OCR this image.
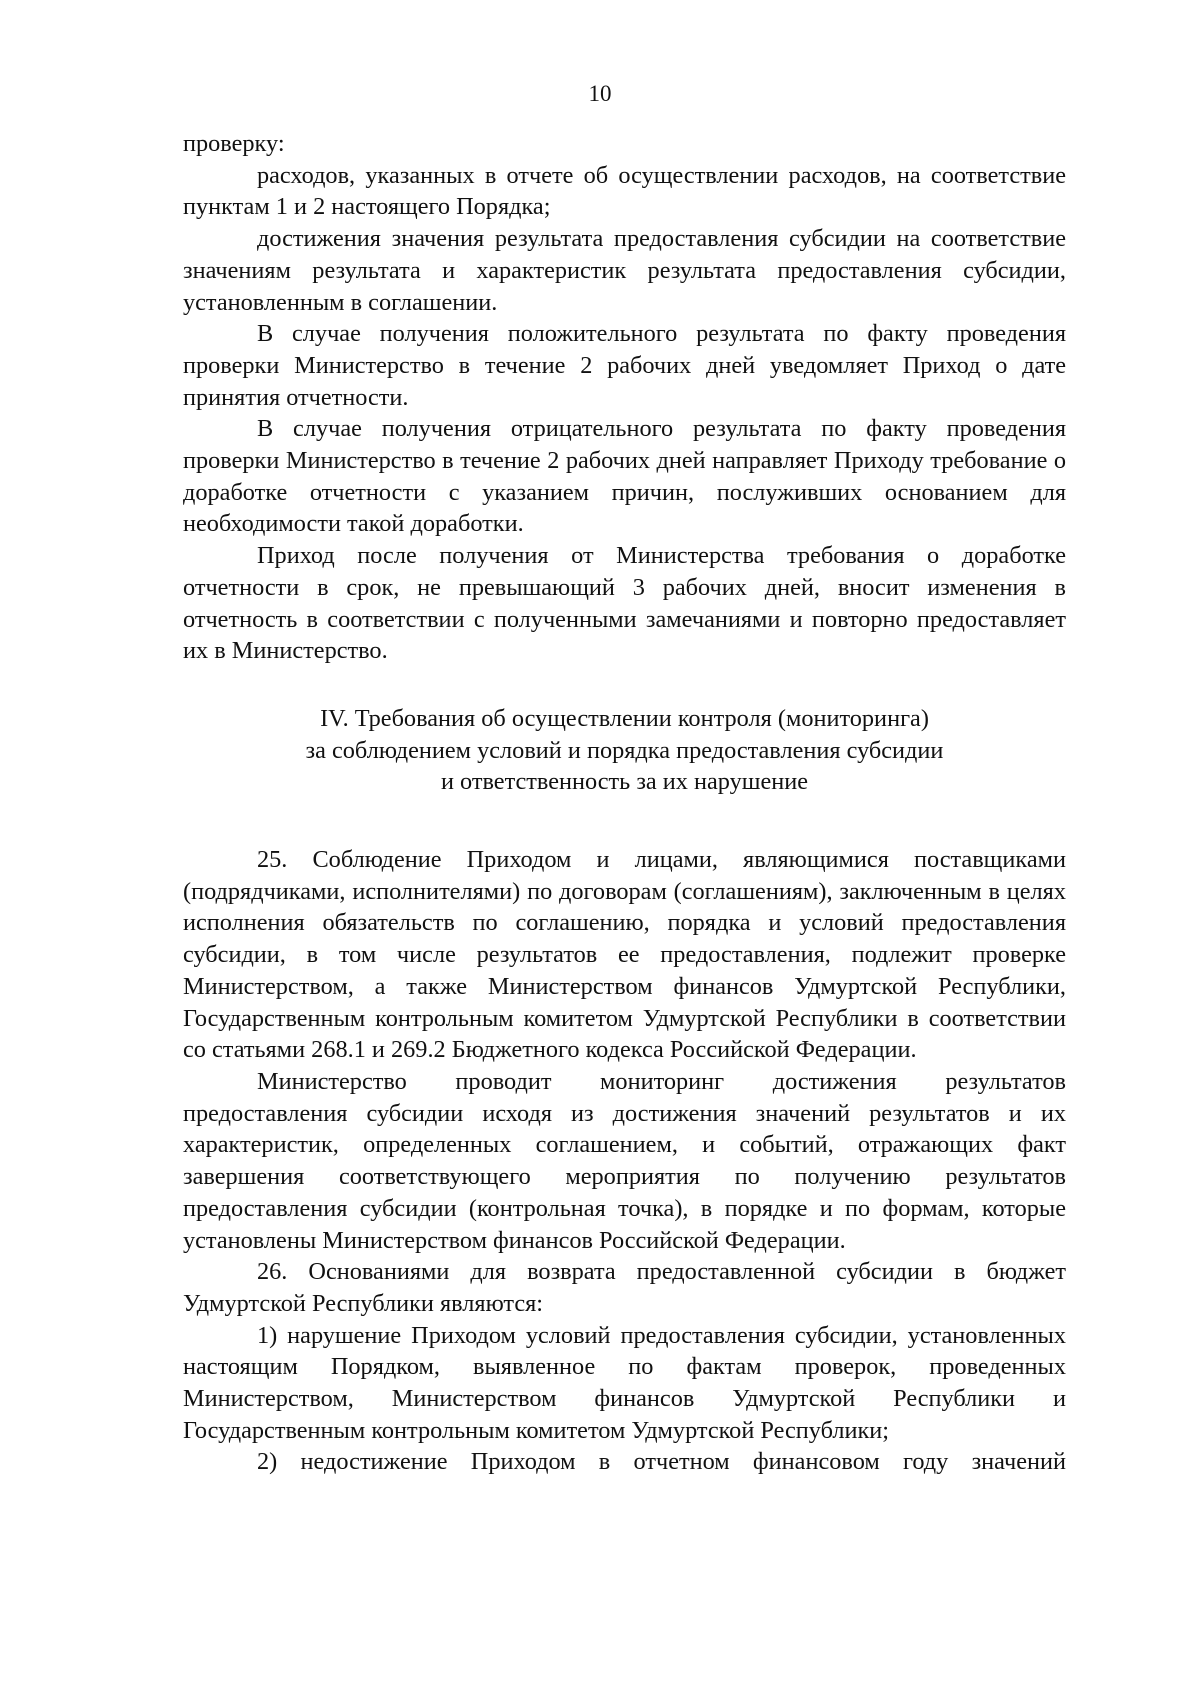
10

проверку:

расходов, указанных в отчете об осуществлении расходов, на соответствие пунктам 1 и 2 настоящего Порядка;

достижения значения результата предоставления субсидии на соответствие значениям результата и характеристик результата предоставления субсидии, установленным в соглашении.

В случае получения положительного результата по факту проведения проверки Министерство в течение 2 рабочих дней уведомляет Приход о дате принятия отчетности.

В случае получения отрицательного результата по факту проведения проверки Министерство в течение 2 рабочих дней направляет Приходу требование о доработке отчетности с указанием причин, послуживших основанием для необходимости такой доработки.

Приход после получения от Министерства требования о доработке отчетности в срок, не превышающий 3 рабочих дней, вносит изменения в отчетность в соответствии с полученными замечаниями и повторно предоставляет их в Министерство.

IV. Требования об осуществлении контроля (мониторинга)
за соблюдением условий и порядка предоставления субсидии
и ответственность за их нарушение

25. Соблюдение Приходом и лицами, являющимися поставщиками (подрядчиками, исполнителями) по договорам (соглашениям), заключенным в целях исполнения обязательств по соглашению, порядка и условий предоставления субсидии, в том числе результатов ее предоставления, подлежит проверке Министерством, а также Министерством финансов Удмуртской Республики, Государственным контрольным комитетом Удмуртской Республики в соответствии со статьями 268.1 и 269.2 Бюджетного кодекса Российской Федерации.

Министерство проводит мониторинг достижения результатов предоставления субсидии исходя из достижения значений результатов и их характеристик, определенных соглашением, и событий, отражающих факт завершения соответствующего мероприятия по получению результатов предоставления субсидии (контрольная точка), в порядке и по формам, которые установлены Министерством финансов Российской Федерации.

26. Основаниями для возврата предоставленной субсидии в бюджет Удмуртской Республики являются:

1) нарушение Приходом условий предоставления субсидии, установленных настоящим Порядком, выявленное по фактам проверок, проведенных Министерством, Министерством финансов Удмуртской Республики и Государственным контрольным комитетом Удмуртской Республики;

2) недостижение Приходом в отчетном финансовом году значений
